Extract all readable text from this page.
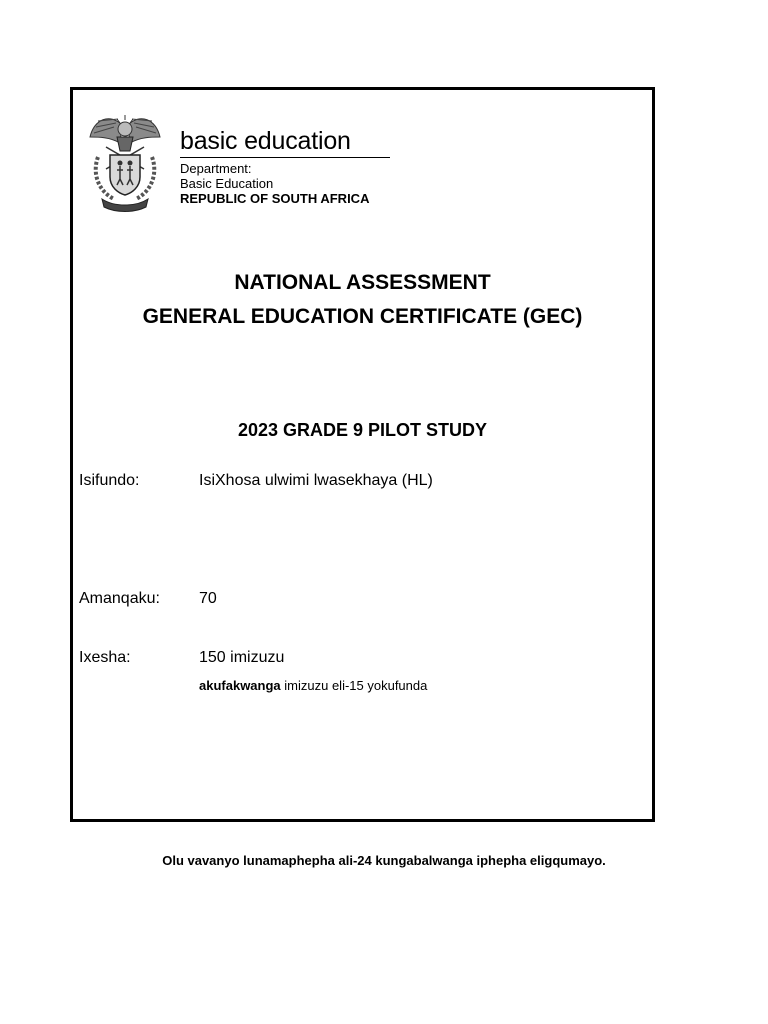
basic education
Department:
Basic Education
REPUBLIC OF SOUTH AFRICA
NATIONAL ASSESSMENT
GENERAL EDUCATION CERTIFICATE (GEC)
2023 GRADE 9 PILOT STUDY
Isifundo:	IsiXhosa ulwimi lwasekhaya (HL)
Amanqaku: 70
Ixesha:	150 imizuzu
akufakwanga imizuzu eli-15 yokufunda
Olu vavanyo lunamaphepha ali-24 kungabalwanga iphepha eligqumayo.
